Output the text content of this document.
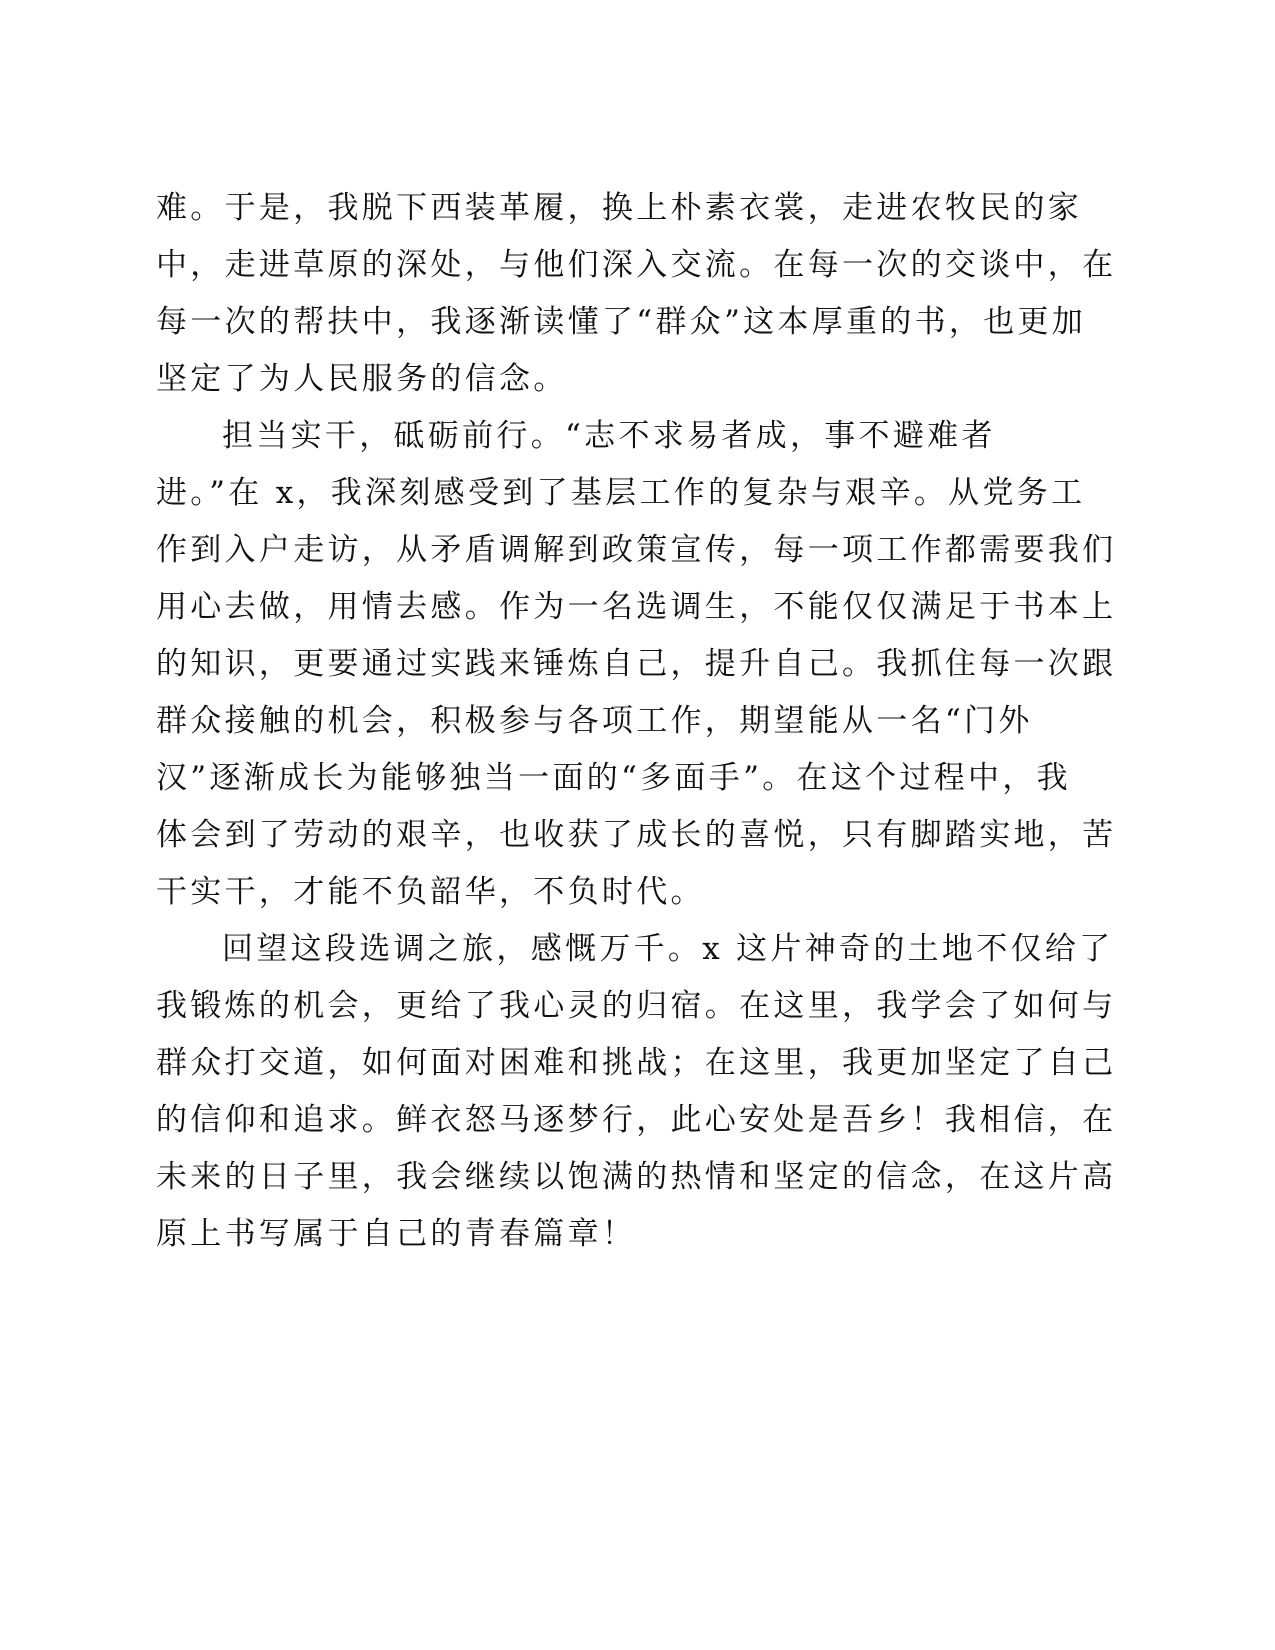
难。于是，我脱下西装革履，换上朴素衣裳，走进农牧民的家
中，走进草原的深处，与他们深入交流。在每一次的交谈中，在
每一次的帮扶中，我逐渐读懂了“群众”这本厚重的书，也更加
坚定了为人民服务的信念。
担当实干，砥砺前行。“志不求易者成，事不避难者
进。”在 x，我深刻感受到了基层工作的复杂与艰辛。从党务工
作到入户走访，从矛盾调解到政策宣传，每一项工作都需要我们
用心去做，用情去感。作为一名选调生，不能仅仅满足于书本上
的知识，更要通过实践来锤炼自己，提升自己。我抓住每一次跟
群众接触的机会，积极参与各项工作，期望能从一名“门外
汉”逐渐成长为能够独当一面的“多面手”。在这个过程中，我
体会到了劳动的艰辛，也收获了成长的喜悦，只有脚踏实地，苦
干实干，才能不负韶华，不负时代。
回望这段选调之旅，感慨万千。x 这片神奇的土地不仅给了
我锻炼的机会，更给了我心灵的归宿。在这里，我学会了如何与
群众打交道，如何面对困难和挑战；在这里，我更加坚定了自己
的信仰和追求。鲜衣怒马逐梦行，此心安处是吾乡！我相信，在
未来的日子里，我会继续以饱满的热情和坚定的信念，在这片高
原上书写属于自己的青春篇章！
